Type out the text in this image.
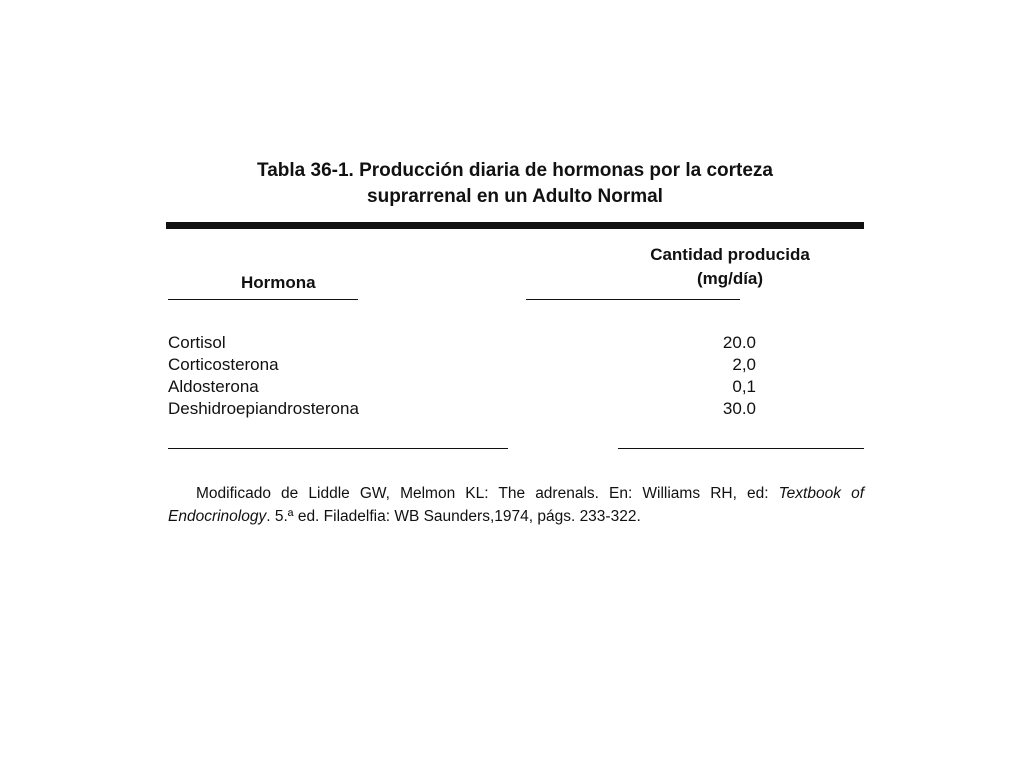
Tabla 36-1. Producción diaria de hormonas por la corteza
suprarrenal en un Adulto Normal
Hormona
Cantidad producida
(mg/día)
Cortisol	20.0
Corticosterona	2,0
Aldosterona	0,1
Deshidroepiandrosterona	30.0

Modificado de Liddle GW, Melmon KL: The adrenals. En: Williams RH, ed: Textbook of Endocrinology. 5.ª ed. Filadelfia: WB Saunders,1974, págs. 233-322.
